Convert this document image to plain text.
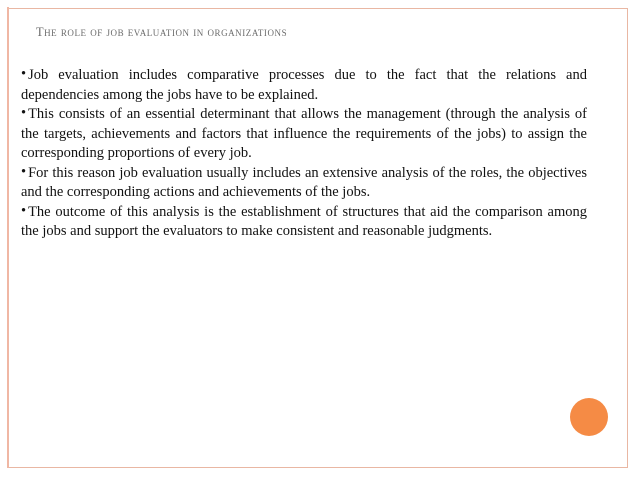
The role of job evaluation in organizations

• Job evaluation includes comparative processes due to the fact that the relations and dependencies among the jobs have to be explained.

• This consists of an essential determinant that allows the management (through the analysis of the targets, achievements and factors that influence the requirements of the jobs) to assign the corresponding proportions of every job.

• For this reason job evaluation usually includes an extensive analysis of the roles, the objectives and the corresponding actions and achievements of the jobs.

• The outcome of this analysis is the establishment of structures that aid the comparison among the jobs and support the evaluators to make consistent and reasonable judgments.
